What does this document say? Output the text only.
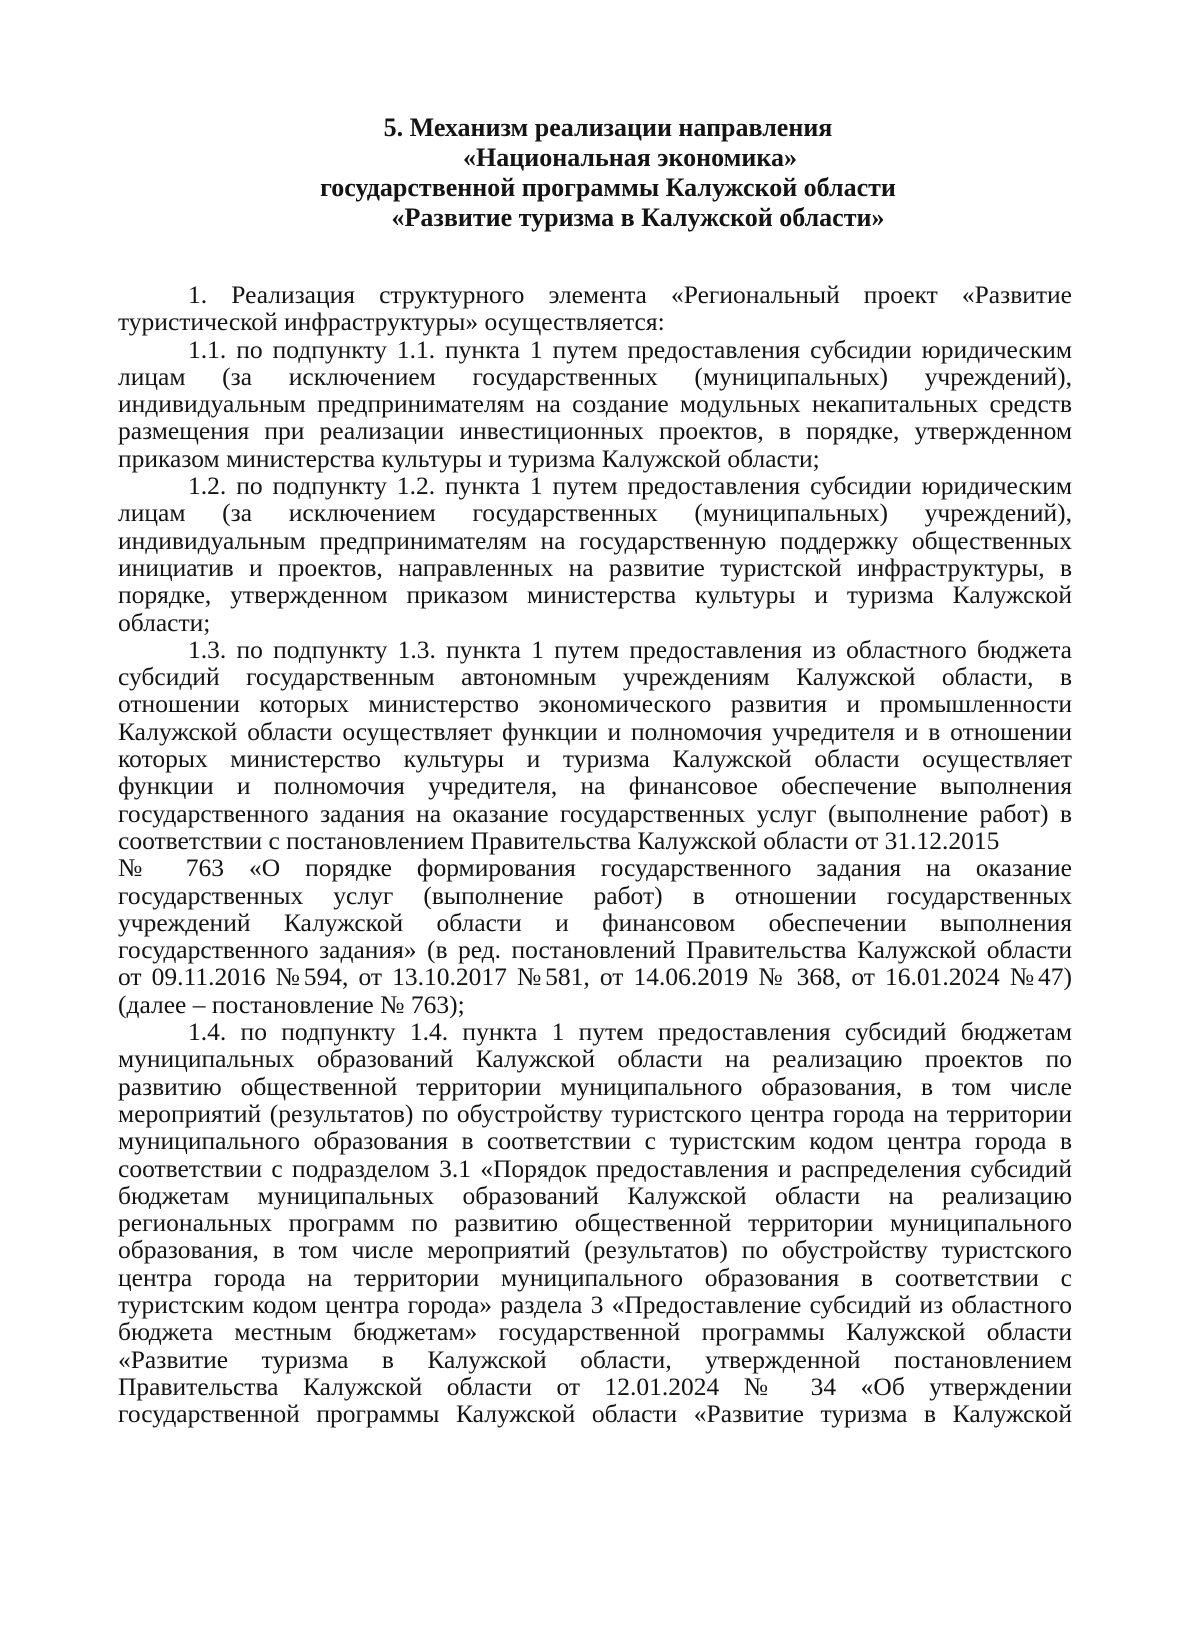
5. Механизм реализации направления
«Национальная экономика»
государственной программы Калужской области
«Развитие туризма в Калужской области»
1. Реализация структурного элемента «Региональный проект «Развитие
туристической инфраструктуры» осуществляется:
1.1. по подпункту 1.1. пункта 1 путем предоставления субсидии юридическим
лицам (за исключением государственных (муниципальных) учреждений),
индивидуальным предпринимателям на создание модульных некапитальных средств
размещения при реализации инвестиционных проектов, в порядке, утвержденном
приказом министерства культуры и туризма Калужской области;
1.2. по подпункту 1.2. пункта 1 путем предоставления субсидии юридическим
лицам (за исключением государственных (муниципальных) учреждений),
индивидуальным предпринимателям на государственную поддержку общественных
инициатив и проектов, направленных на развитие туристской инфраструктуры, в
порядке, утвержденном приказом министерства культуры и туризма Калужской
области;
1.3. по подпункту 1.3. пункта 1 путем предоставления из областного бюджета
субсидий государственным автономным учреждениям Калужской области, в
отношении которых министерство экономического развития и промышленности
Калужской области осуществляет функции и полномочия учредителя и в отношении
которых министерство культуры и туризма Калужской области осуществляет
функции и полномочия учредителя, на финансовое обеспечение выполнения
государственного задания на оказание государственных услуг (выполнение работ) в
соответствии с постановлением Правительства Калужской области от 31.12.2015
№ 763 «О порядке формирования государственного задания на оказание
государственных услуг (выполнение работ) в отношении государственных
учреждений Калужской области и финансовом обеспечении выполнения
государственного задания» (в ред. постановлений Правительства Калужской области
от 09.11.2016 №594, от 13.10.2017 №581, от 14.06.2019 № 368, от 16.01.2024 №47)
(далее – постановление № 763);
1.4. по подпункту 1.4. пункта 1 путем предоставления субсидий бюджетам
муниципальных образований Калужской области на реализацию проектов по
развитию общественной территории муниципального образования, в том числе
мероприятий (результатов) по обустройству туристского центра города на территории
муниципального образования в соответствии с туристским кодом центра города в
соответствии с подразделом 3.1 «Порядок предоставления и распределения субсидий
бюджетам муниципальных образований Калужской области на реализацию
региональных программ по развитию общественной территории муниципального
образования, в том числе мероприятий (результатов) по обустройству туристского
центра города на территории муниципального образования в соответствии с
туристским кодом центра города» раздела 3 «Предоставление субсидий из областного
бюджета местным бюджетам» государственной программы Калужской области
«Развитие туризма в Калужской области, утвержденной постановлением
Правительства Калужской области от 12.01.2024 № 34 «Об утверждении
государственной программы Калужской области «Развитие туризма в Калужской
